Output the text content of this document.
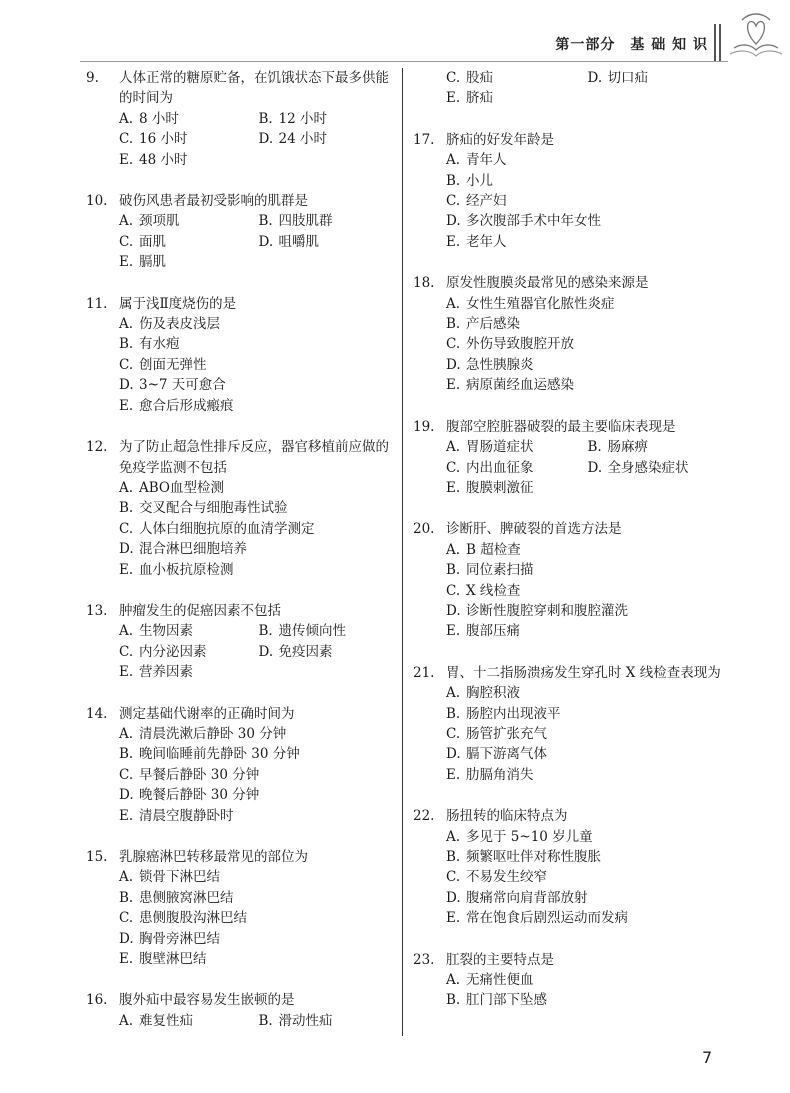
第一部分　基 础 知 识
9. 人体正常的糖原贮备，在饥饿状态下最多供能的时间为
A. 8 小时	B. 12 小时
C. 16 小时	D. 24 小时
E. 48 小时
10. 破伤风患者最初受影响的肌群是
A. 颈项肌	B. 四肢肌群
C. 面肌	D. 咀嚼肌
E. 膈肌
11. 属于浅Ⅱ度烧伤的是
A. 伤及表皮浅层
B. 有水疱
C. 创面无弹性
D. 3~7 天可愈合
E. 愈合后形成瘢痕
12. 为了防止超急性排斥反应，器官移植前应做的免疫学监测不包括
A. ABO血型检测
B. 交叉配合与细胞毒性试验
C. 人体白细胞抗原的血清学测定
D. 混合淋巴细胞培养
E. 血小板抗原检测
13. 肿瘤发生的促癌因素不包括
A. 生物因素	B. 遗传倾向性
C. 内分泌因素	D. 免疫因素
E. 营养因素
14. 测定基础代谢率的正确时间为
A. 清晨洗漱后静卧 30 分钟
B. 晚间临睡前先静卧 30 分钟
C. 早餐后静卧 30 分钟
D. 晚餐后静卧 30 分钟
E. 清晨空腹静卧时
15. 乳腺癌淋巴转移最常见的部位为
A. 锁骨下淋巴结
B. 患侧腋窝淋巴结
C. 患侧腹股沟淋巴结
D. 胸骨旁淋巴结
E. 腹壁淋巴结
16. 腹外疝中最容易发生嵌顿的是
A. 难复性疝	B. 滑动性疝
C. 股疝	D. 切口疝
E. 脐疝
17. 脐疝的好发年龄是
A. 青年人
B. 小儿
C. 经产妇
D. 多次腹部手术中年女性
E. 老年人
18. 原发性腹膜炎最常见的感染来源是
A. 女性生殖器官化脓性炎症
B. 产后感染
C. 外伤导致腹腔开放
D. 急性胰腺炎
E. 病原菌经血运感染
19. 腹部空腔脏器破裂的最主要临床表现是
A. 胃肠道症状	B. 肠麻痹
C. 内出血征象	D. 全身感染症状
E. 腹膜刺激征
20. 诊断肝、脾破裂的首选方法是
A. B 超检查
B. 同位素扫描
C. X 线检查
D. 诊断性腹腔穿刺和腹腔灌洗
E. 腹部压痛
21. 胃、十二指肠溃疡发生穿孔时 X 线检查表现为
A. 胸腔积液
B. 肠腔内出现液平
C. 肠管扩张充气
D. 膈下游离气体
E. 肋膈角消失
22. 肠扭转的临床特点为
A. 多见于 5~10 岁儿童
B. 频繁呕吐伴对称性腹胀
C. 不易发生绞窄
D. 腹痛常向肩背部放射
E. 常在饱食后剧烈运动而发病
23. 肛裂的主要特点是
A. 无痛性便血
B. 肛门部下坠感
7
